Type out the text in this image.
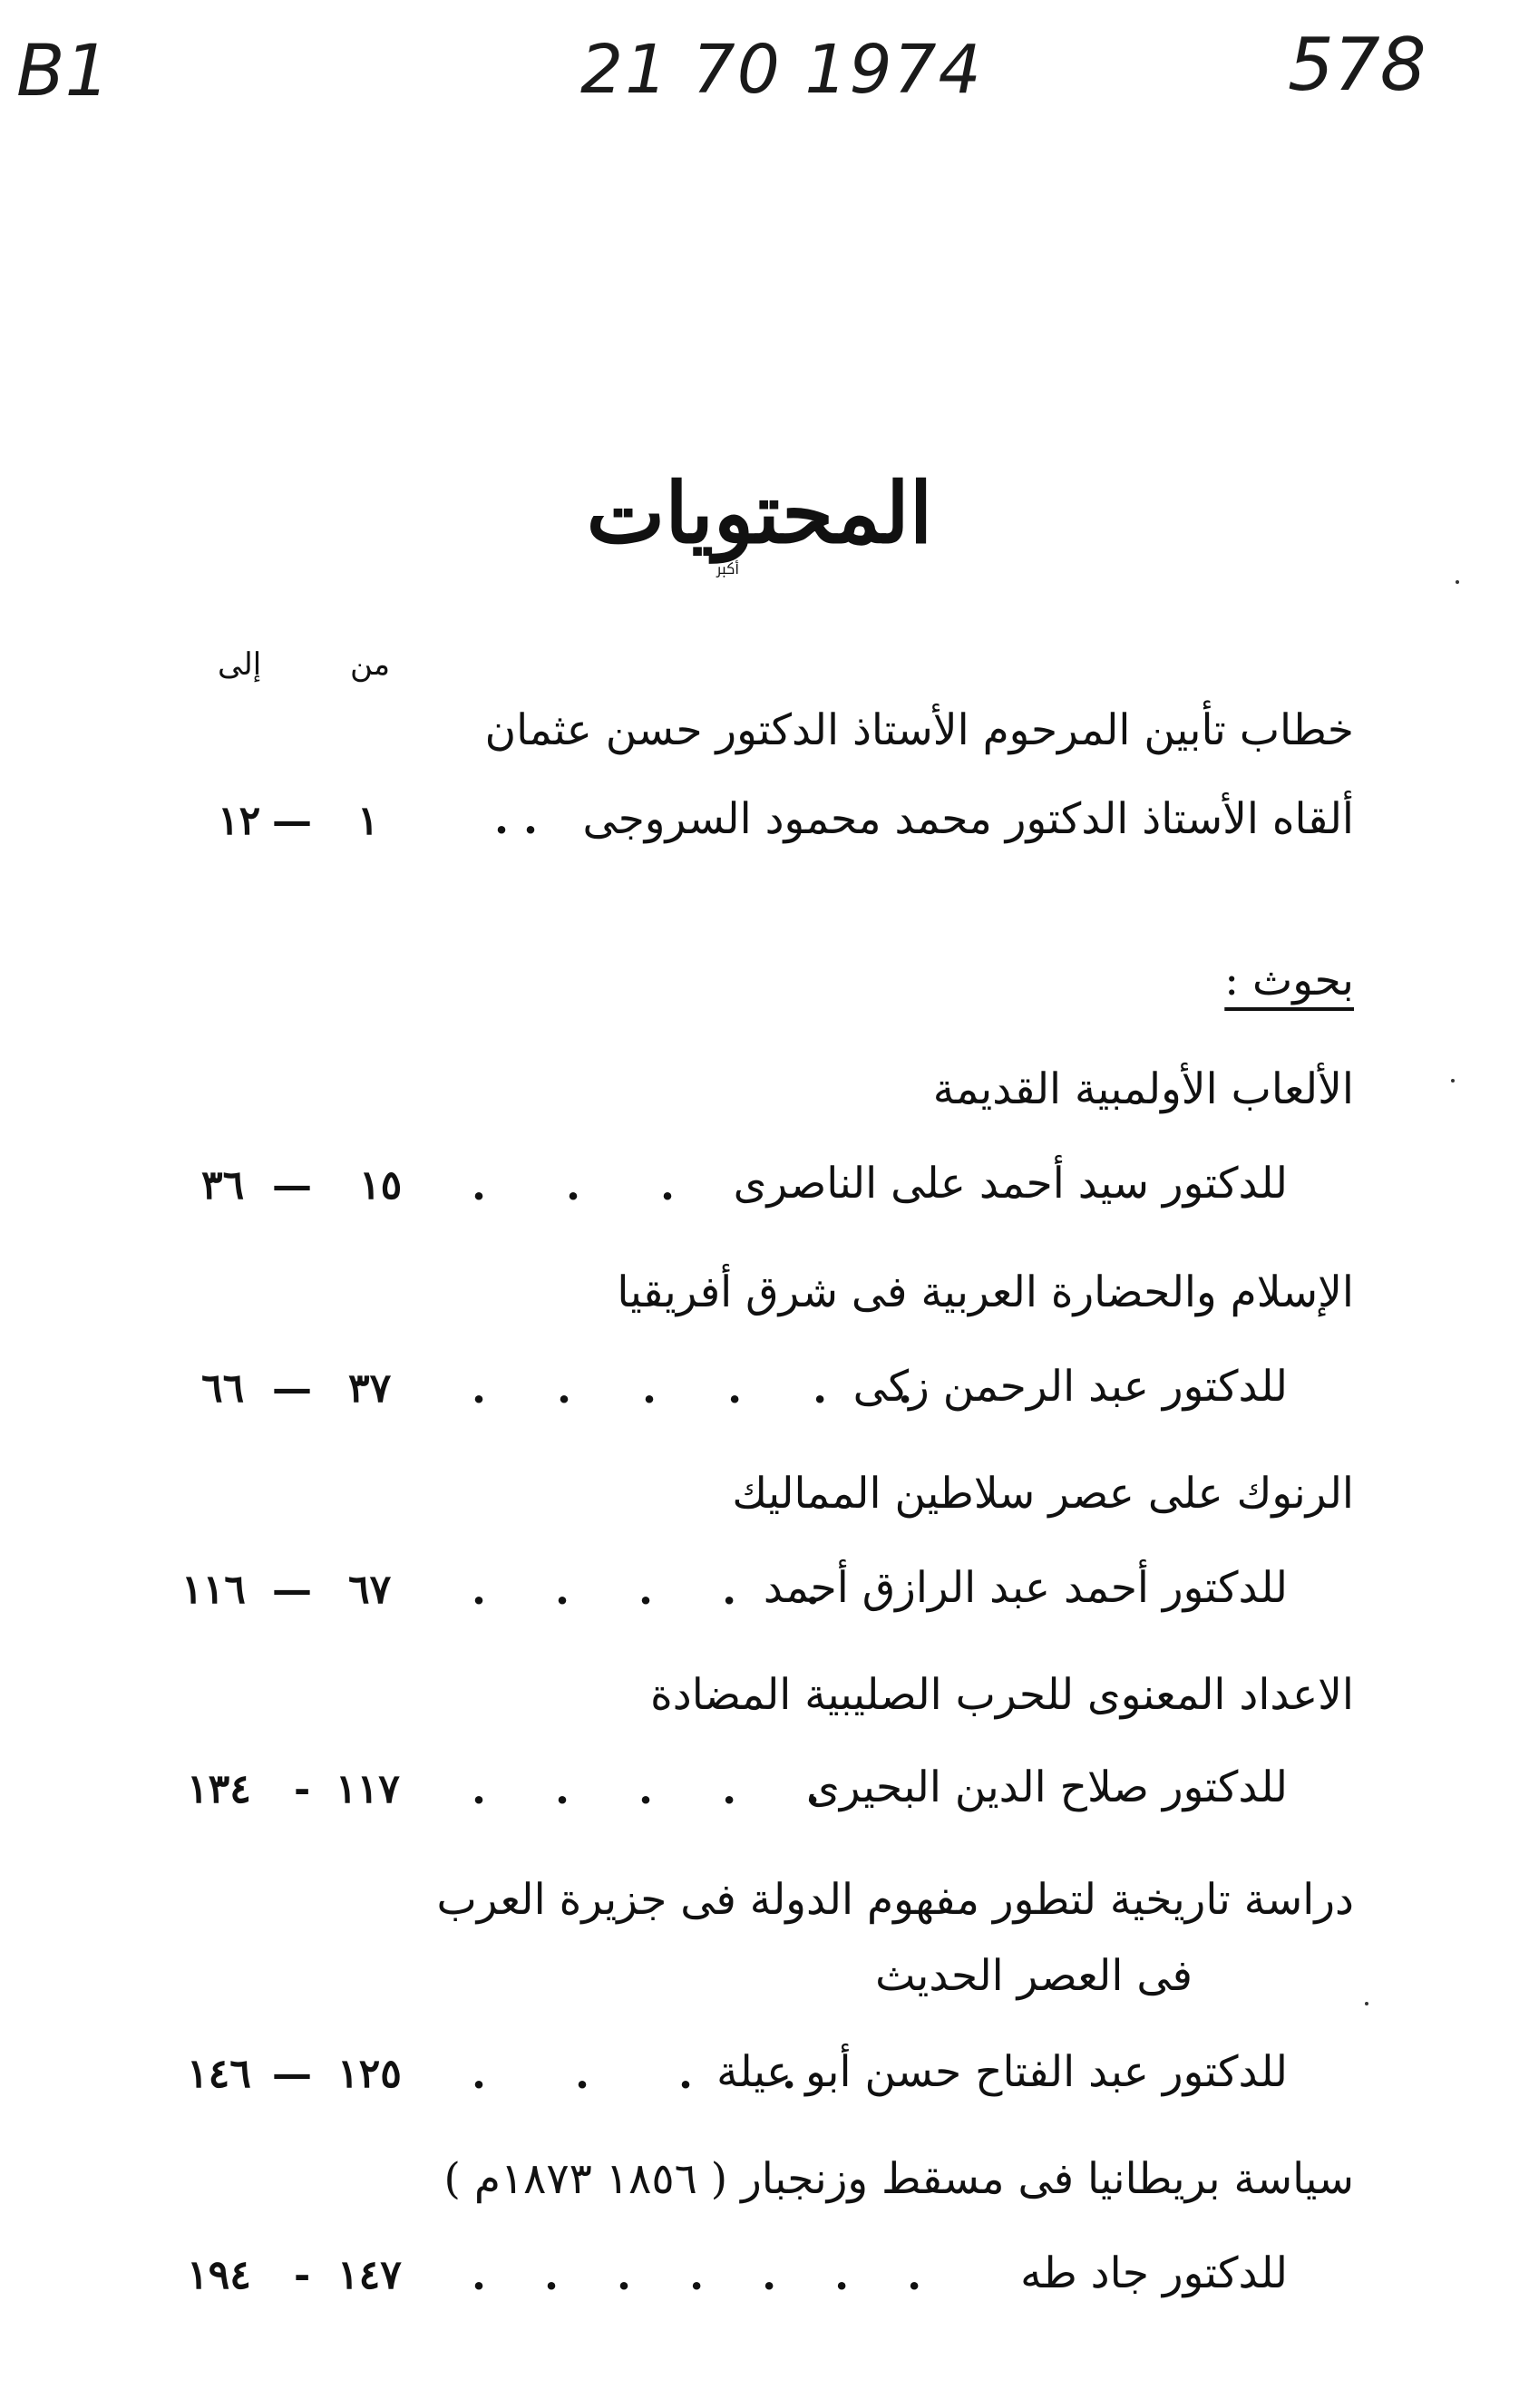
B1	21 70 1974	578
المحتويات
ﷳ
من
إلى
خطاب تأبين المرحوم الأستاذ الدكتور حسن عثمان
ألقاه الأستاذ الدكتور محمد محمود السروجى
. .
١
—
١٢
بحوث :
الألعاب الأولمبية القديمة
للدكتور سيد أحمد على الناصرى
. . .
١٥
—
٣٦
الإسلام والحضارة العربية فى شرق أفريقيا
للدكتور عبد الرحمن زكى
. . . . . .
٣٧
—
٦٦
الرنوك على عصر سلاطين المماليك
للدكتور أحمد عبد الرازق أحمد
. . . . .
٦٧
—
١١٦
الاعداد المعنوى للحرب الصليبية المضادة
للدكتور صلاح الدين البحيرى
. . . . .
١١٧
-
١٣٤
دراسة تاريخية لتطور مفهوم الدولة فى جزيرة العرب
فى العصر الحديث
للدكتور عبد الفتاح حسن أبو عيلة
. . . .
١٢٥
—
١٤٦
سياسة بريطانيا فى مسقط وزنجبار ( ١٨٥٦ ١٨٧٣م )
للدكتور جاد طه
. . . . . . .
١٤٧
-
١٩٤
